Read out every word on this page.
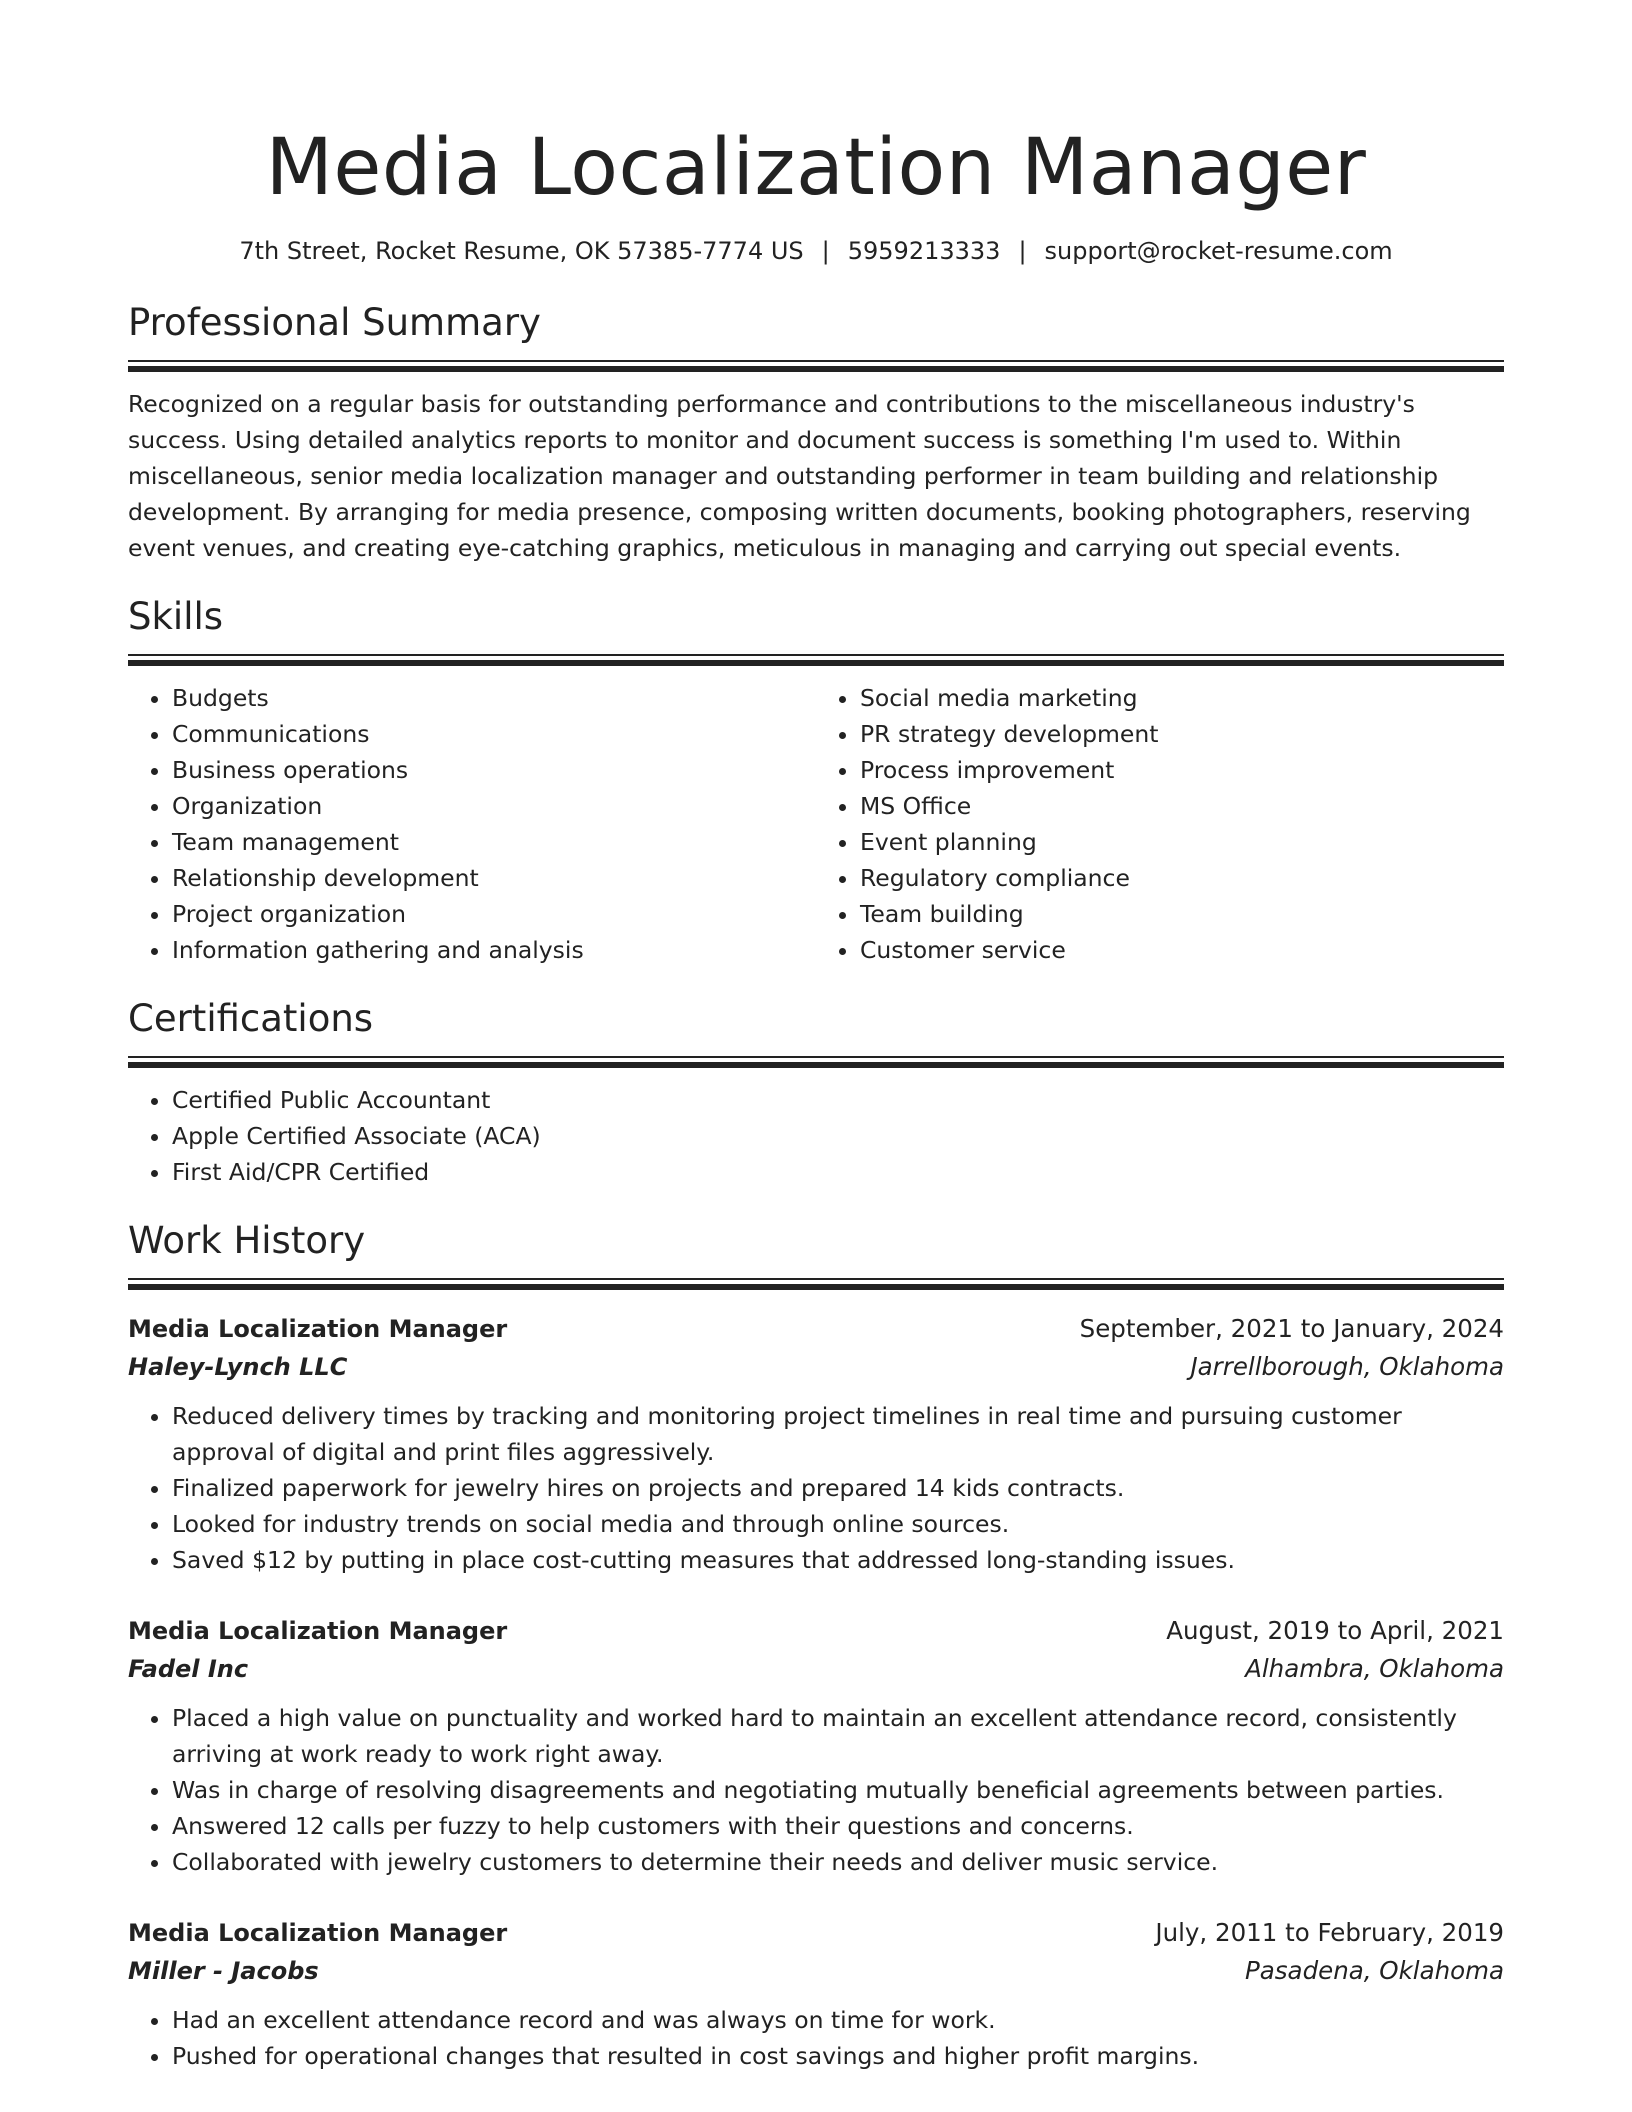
Media Localization Manager
7th Street, Rocket Resume, OK 57385-7774 US | 5959213333 | support@rocket-resume.com
Professional Summary

Recognized on a regular basis for outstanding performance and contributions to the miscellaneous industry's success. Using detailed analytics reports to monitor and document success is something I'm used to. Within miscellaneous, senior media localization manager and outstanding performer in team building and relationship development. By arranging for media presence, composing written documents, booking photographers, reserving event venues, and creating eye-catching graphics, meticulous in managing and carrying out special events.

Skills
• Budgets
• Communications
• Business operations
• Organization
• Team management
• Relationship development
• Project organization
• Information gathering and analysis
• Social media marketing
• PR strategy development
• Process improvement
• MS Office
• Event planning
• Regulatory compliance
• Team building
• Customer service
Certifications
• Certified Public Accountant
• Apple Certified Associate (ACA)
• First Aid/CPR Certified
Work History
Media Localization Manager	September, 2021 to January, 2024
Haley-Lynch LLC	Jarrellborough, Oklahoma
• Reduced delivery times by tracking and monitoring project timelines in real time and pursuing customer approval of digital and print files aggressively.
• Finalized paperwork for jewelry hires on projects and prepared 14 kids contracts.
• Looked for industry trends on social media and through online sources.
• Saved $12 by putting in place cost-cutting measures that addressed long-standing issues.
Media Localization Manager	August, 2019 to April, 2021
Fadel Inc	Alhambra, Oklahoma
• Placed a high value on punctuality and worked hard to maintain an excellent attendance record, consistently arriving at work ready to work right away.
• Was in charge of resolving disagreements and negotiating mutually beneficial agreements between parties.
• Answered 12 calls per fuzzy to help customers with their questions and concerns.
• Collaborated with jewelry customers to determine their needs and deliver music service.
Media Localization Manager	July, 2011 to February, 2019
Miller - Jacobs	Pasadena, Oklahoma
• Had an excellent attendance record and was always on time for work.
• Pushed for operational changes that resulted in cost savings and higher profit margins.
